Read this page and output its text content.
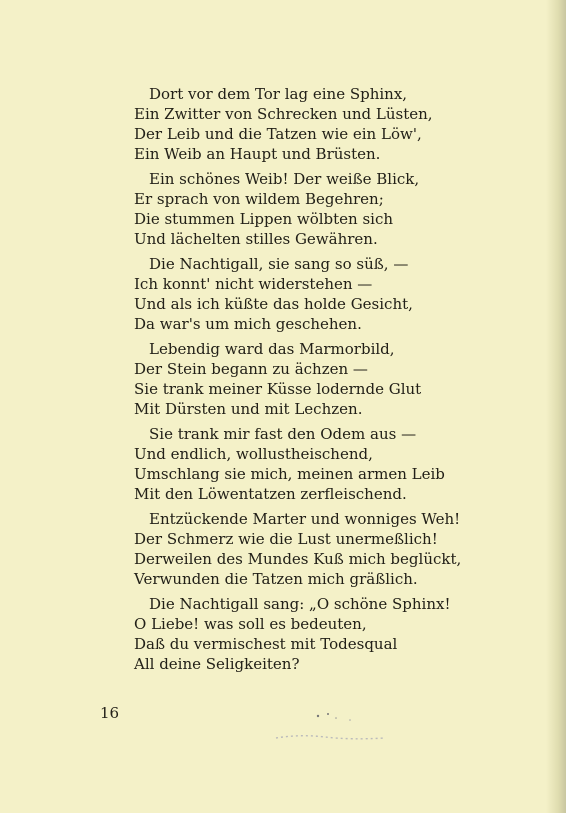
Dort vor dem Tor lag eine Sphinx,
Ein Zwitter von Schrecken und Lüsten,
Der Leib und die Tatzen wie ein Löw',
Ein Weib an Haupt und Brüsten.
Ein schönes Weib! Der weiße Blick,
Er sprach von wildem Begehren;
Die stummen Lippen wölbten sich
Und lächelten stilles Gewähren.
Die Nachtigall, sie sang so süß, —
Ich konnt' nicht widerstehen —
Und als ich küßte das holde Gesicht,
Da war's um mich geschehen.
Lebendig ward das Marmorbild,
Der Stein begann zu ächzen —
Sie trank meiner Küsse lodernde Glut
Mit Dürsten und mit Lechzen.
Sie trank mir fast den Odem aus —
Und endlich, wollustheischend,
Umschlang sie mich, meinen armen Leib
Mit den Löwentatzen zerfleischend.
Entzückende Marter und wonniges Weh!
Der Schmerz wie die Lust unermeßlich!
Derweilen des Mundes Kuß mich beglückt,
Verwunden die Tatzen mich gräßlich.
Die Nachtigall sang: „O schöne Sphinx!
O Liebe! was soll es bedeuten,
Daß du vermischest mit Todesqual
All deine Seligkeiten?
16
